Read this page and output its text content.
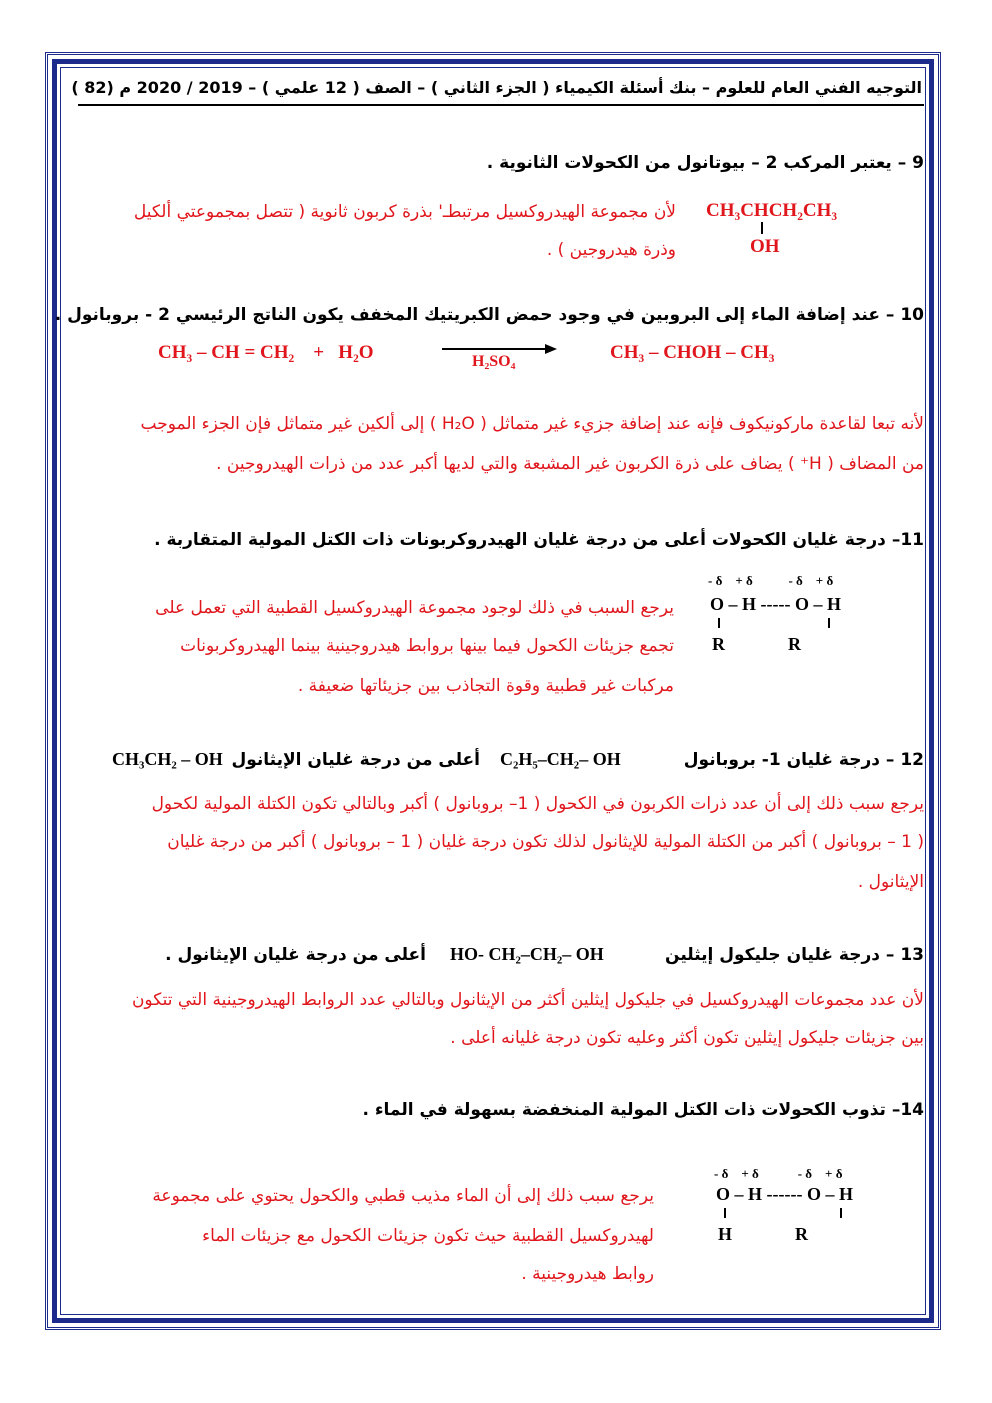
التوجيه الفني العام للعلوم – بنك أسئلة الكيمياء ( الجزء الثاني ) – الصف ( 12 علمي ) – 2019 / 2020 م (82 )
9 – يعتبر المركب 2 – بيوتانول من الكحولات الثانوية .
CH₃CHCH₂CH₃
OH
لأن مجموعة الهيدروكسيل مرتبطـ' بذرة كربون ثانوية ( تتصل بمجموعتي ألكيل
وذرة هيدروجين ) .
10 – عند إضافة الماء إلى البروبين في وجود حمض الكبريتيك المخفف يكون الناتج الرئيسي 2 - بروبانول .
CH₃ – CH = CH₂    +   H₂O	H₂SO₄	CH₃ – CHOH – CH₃
لأنه تبعا لقاعدة ماركونيكوف فإنه عند إضافة جزيء غير متماثل ( H₂O ) إلى ألكين غير متماثل فإن الجزء الموجب
من المضاف ( H⁺ ) يضاف على ذرة الكربون غير المشبعة والتي لديها أكبر عدد من ذرات الهيدروجين .
11– درجة غليان الكحولات أعلى من درجة غليان الهيدروكربونات ذات الكتل المولية المتقاربة .
- δ    + δ           - δ    + δ
O – H ----- O – H
R              R
يرجع السبب في ذلك لوجود مجموعة الهيدروكسيل القطبية التي تعمل على
تجمع جزيئات الكحول فيما بينها بروابط هيدروجينية بينما الهيدروكربونات
مركبات غير قطبية وقوة التجاذب بين جزيئاتها ضعيفة .
12 – درجة غليان 1- بروبانول
C₂H₅–CH₂– OH
أعلى من درجة غليان الإيثانول
CH₃CH₂ – OH
يرجع سبب ذلك إلى أن عدد ذرات الكربون في الكحول ( 1– بروبانول ) أكبر وبالتالي تكون الكتلة المولية لكحول
( 1 – بروبانول ) أكبر من الكتلة المولية للإيثانول لذلك تكون درجة غليان ( 1 – بروبانول ) أكبر من درجة غليان
الإيثانول .
13 – درجة غليان جليكول إيثلين
HO- CH₂–CH₂– OH
أعلى من درجة غليان الإيثانول .
لأن عدد مجموعات الهيدروكسيل في جليكول إيثلين أكثر من الإيثانول وبالتالي عدد الروابط الهيدروجينية التي تتكون
بين جزيئات جليكول إيثلين تكون أكثر وعليه تكون درجة غليانه أعلى .
14– تذوب الكحولات ذات الكتل المولية المنخفضة بسهولة في الماء .
- δ    + δ            - δ    + δ
O – H ------ O – H
H              R
يرجع سبب ذلك إلى أن الماء مذيب قطبي والكحول يحتوي على مجموعة
لهيدروكسيل القطبية حيث تكون جزيئات الكحول مع جزيئات الماء
روابط هيدروجينية .
